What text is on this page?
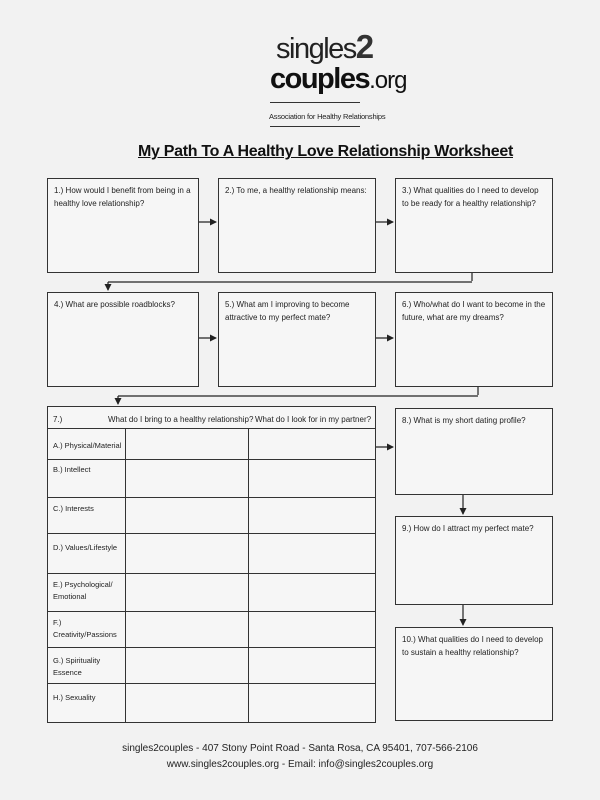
singles2
couples.org
Association for Healthy Relationships
My Path To A Healthy Love Relationship Worksheet
1.) How would I benefit from being in a healthy love relationship?
2.) To me, a healthy relationship means:	3.) What qualities do I need to develop to be ready for a healthy relationship?
4.) What are possible roadblocks?	5.) What am I improving to become attractive to my perfect mate?
6.) Who/what do I want to become in the future, what are my dreams?
7.)	What do I bring to a healthy relationship? What do I look for in my partner?
A.) Physical/Material
B.) Intellect
C.) Interests
D.) Values/Lifestyle
E.) Psychological/ Emotional
F.) Creativity/Passions
G.) Spirituality Essence
H.) Sexuality
8.) What is my short dating profile?
9.) How do I attract my perfect mate?
10.) What qualities do I need to develop to sustain a healthy relationship?
singles2couples - 407 Stony Point Road - Santa Rosa, CA 95401, 707-566-2106
www.singles2couples.org - Email: info@singles2couples.org
